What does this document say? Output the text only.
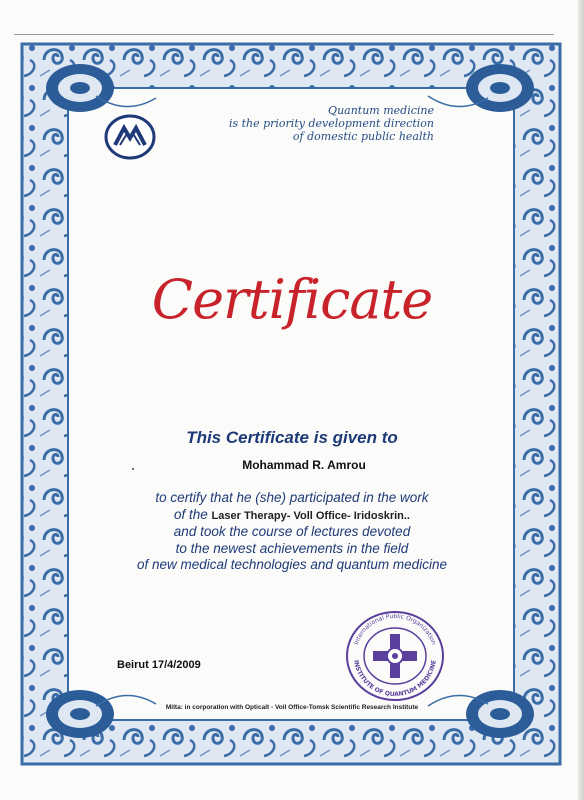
Quantum medicine
is the priority development direction
of domestic public health
Certificate
This Certificate is given to
Mohammad R. Amrou
to certify that he (she) participated in the work
of the Laser Therapy- Voll Office- Iridoskrin..
and took the course of lectures devoted
to the newest achievements in the field
of new medical technologies and quantum medicine
Beirut 17/4/2009
International Public Organization
INSTITUTE OF QUANTUM MEDICINE
Milta: in corporation with Opticalt - Voll Office-Tomsk Scientific Research Institute
